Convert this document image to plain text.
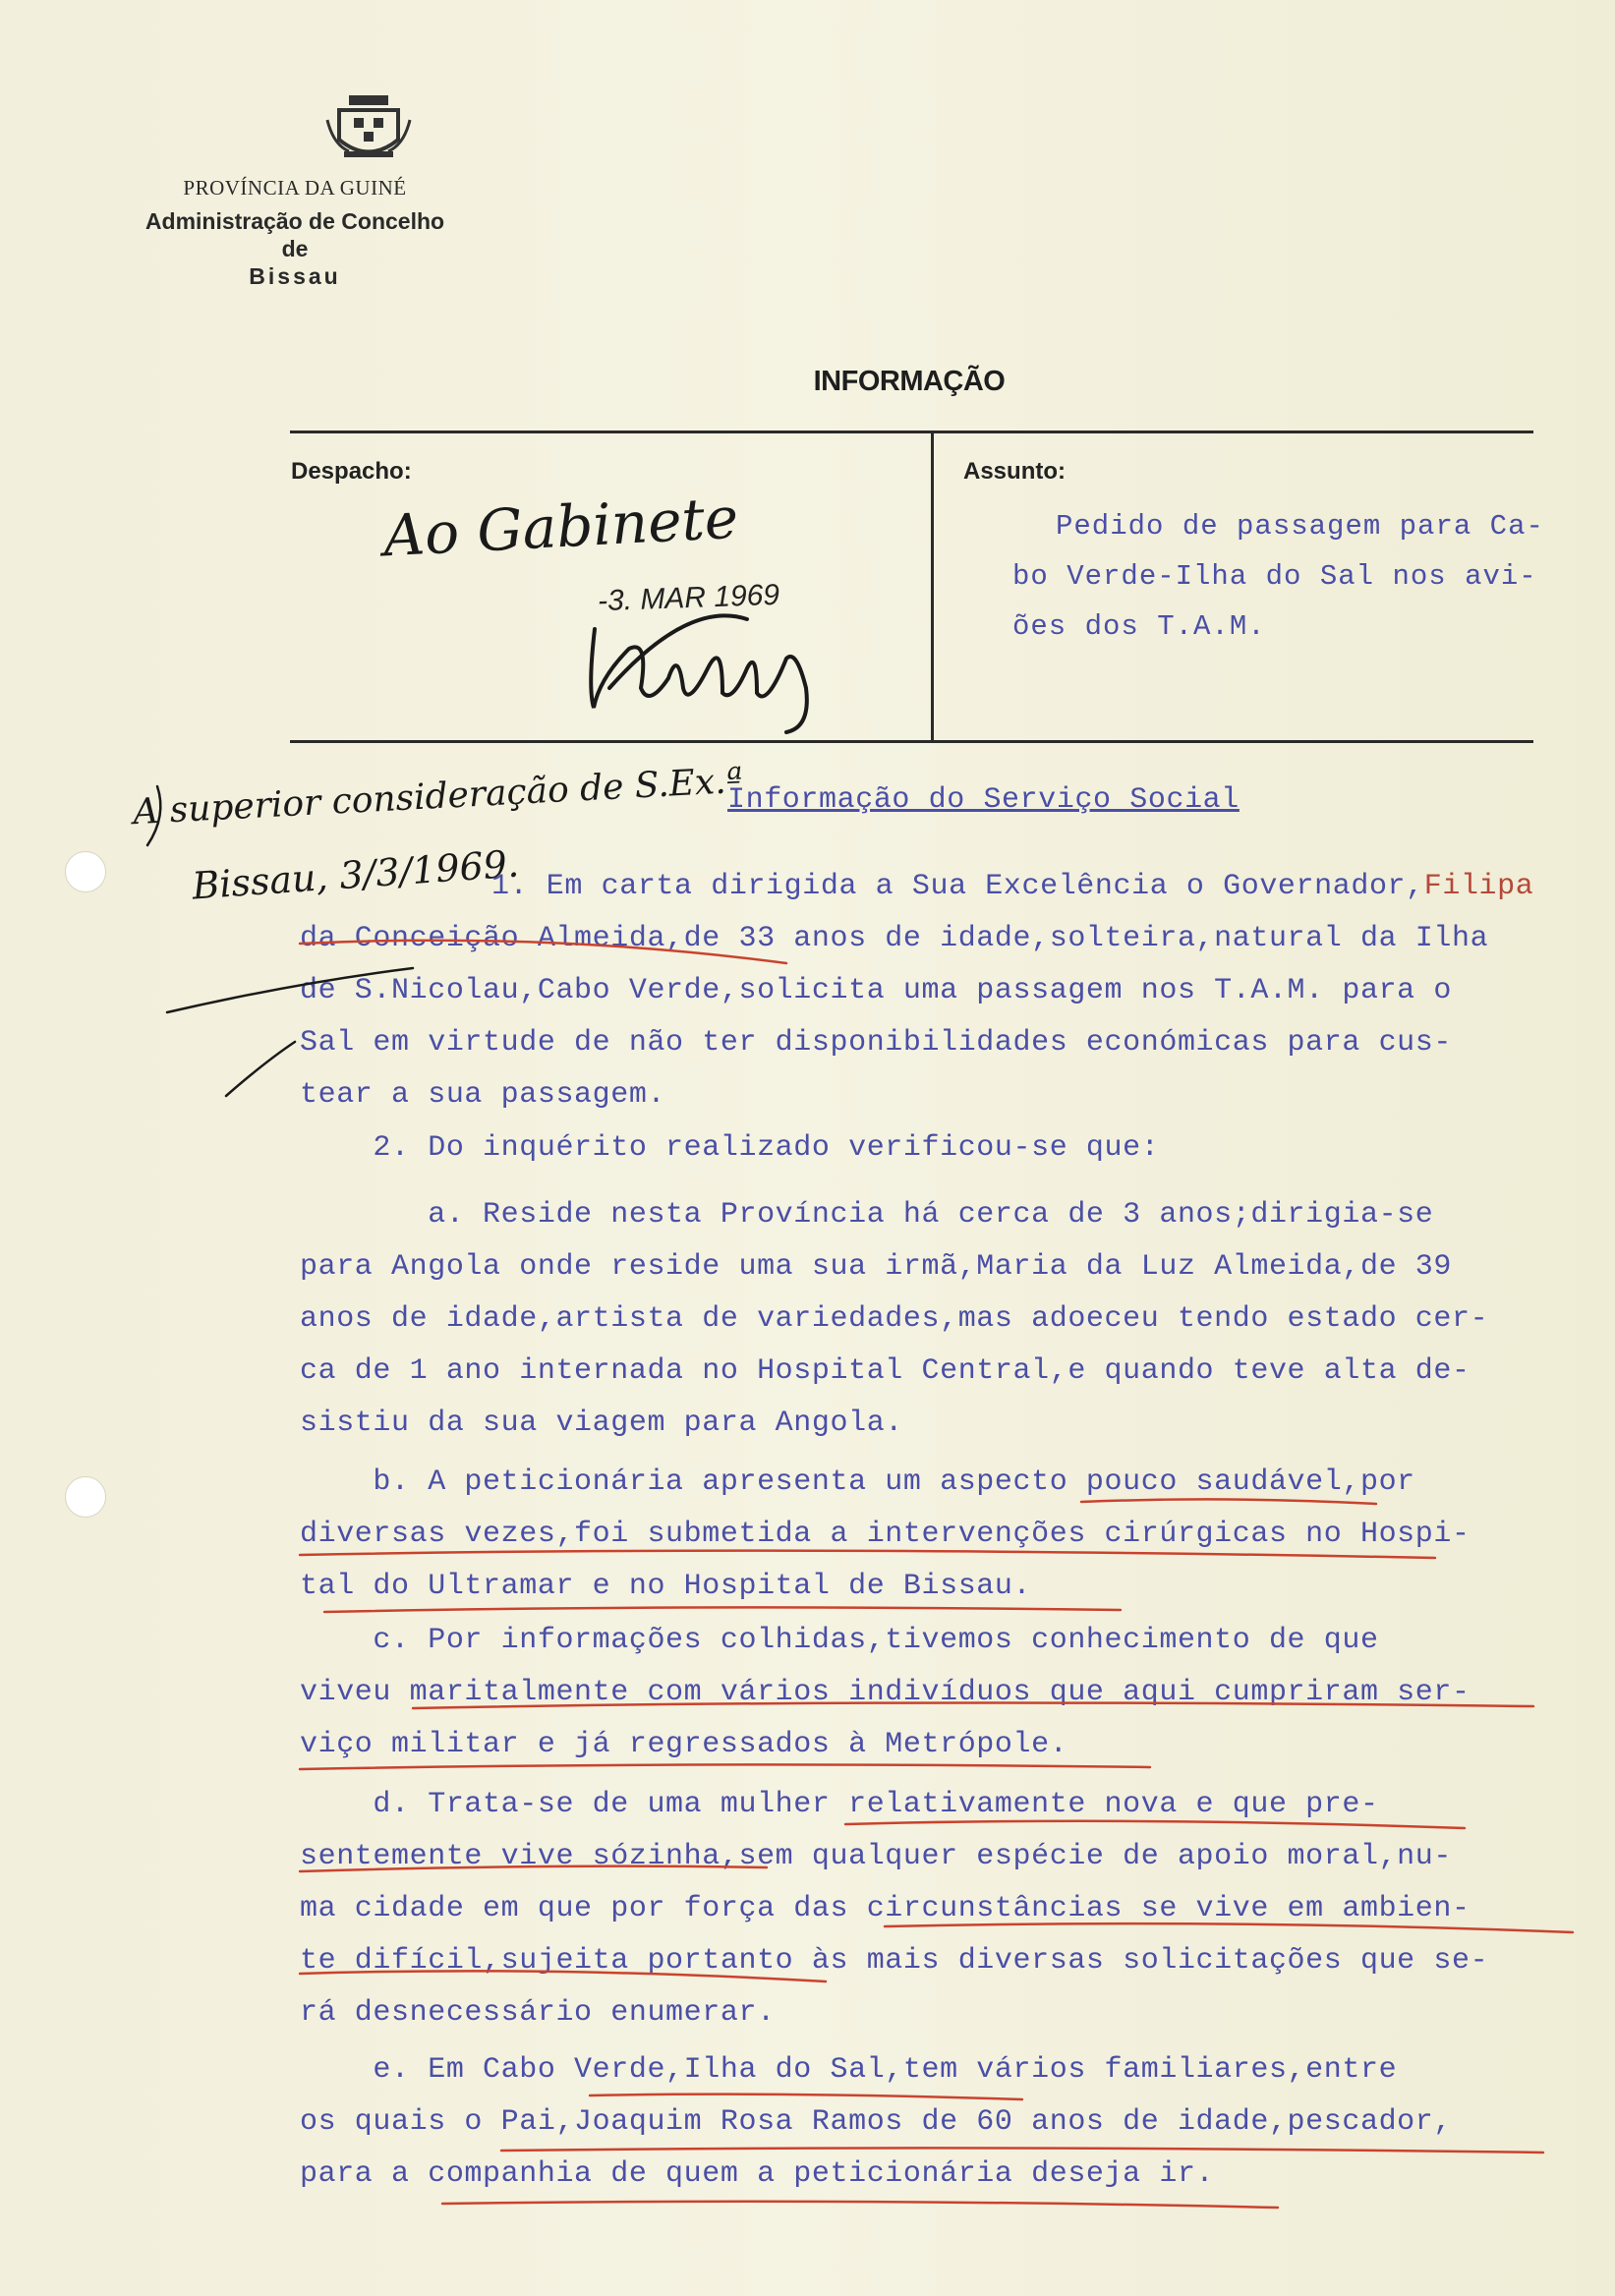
PROVÍNCIA DA GUINÉ
Administração de Concelho
de
Bissau
INFORMAÇÃO
Despacho:	Assunto:
Ao Gabinete
-3. MAR 1969
Pedido de passagem para Ca-
bo Verde-Ilha do Sal nos avi-
ões dos T.A.M.
A superior consideração de S.Ex.ª
Bissau, 3/3/1969.
Informação do Serviço Social
1. Em carta dirigida a Sua Excelência o Governador,Filipa
da Conceição Almeida,de 33 anos de idade,solteira,natural da Ilha
de S.Nicolau,Cabo Verde,solicita uma passagem nos T.A.M. para o
Sal em virtude de não ter disponibilidades económicas para cus-
tear a sua passagem.
2. Do inquérito realizado verificou-se que:
a. Reside nesta Província há cerca de 3 anos;dirigia-se
para Angola onde reside uma sua irmã,Maria da Luz Almeida,de 39
anos de idade,artista de variedades,mas adoeceu tendo estado cer-
ca de 1 ano internada no Hospital Central,e quando teve alta de-
sistiu da sua viagem para Angola.
b. A peticionária apresenta um aspecto pouco saudável,por
diversas vezes,foi submetida a intervenções cirúrgicas no Hospi-
tal do Ultramar e no Hospital de Bissau.
c. Por informações colhidas,tivemos conhecimento de que
viveu maritalmente com vários indivíduos que aqui cumpriram ser-
viço militar e já regressados à Metrópole.
d. Trata-se de uma mulher relativamente nova e que pre-
sentemente vive sózinha,sem qualquer espécie de apoio moral,nu-
ma cidade em que por força das circunstâncias se vive em ambien-
te difícil,sujeita portanto às mais diversas solicitações que se-
rá desnecessário enumerar.
e. Em Cabo Verde,Ilha do Sal,tem vários familiares,entre
os quais o Pai,Joaquim Rosa Ramos de 60 anos de idade,pescador,
para a companhia de quem a peticionária deseja ir.
